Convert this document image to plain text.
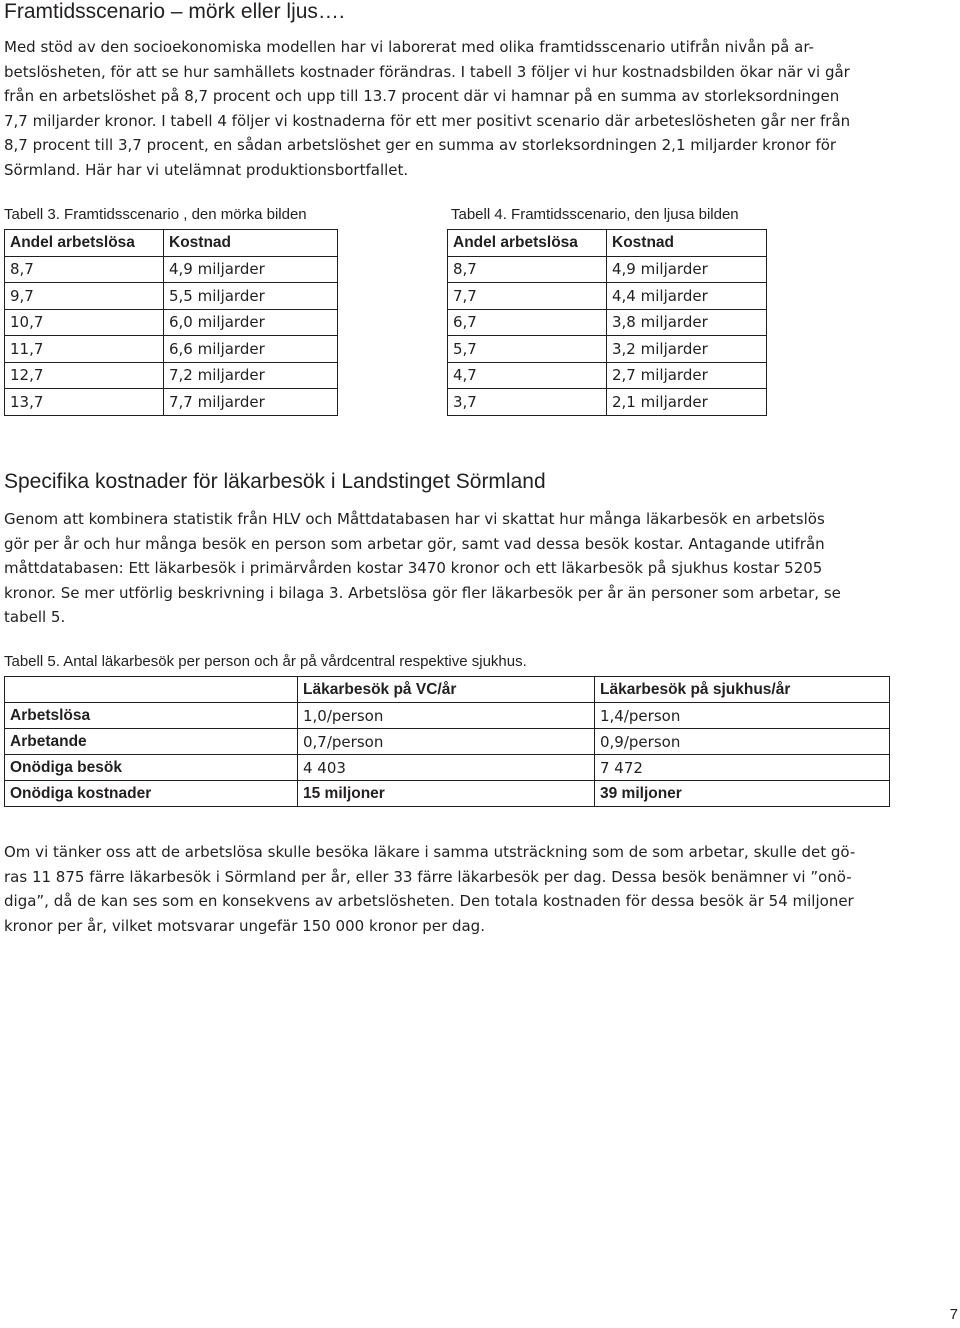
Framtidsscenario – mörk eller ljus….

Med stöd av den socioekonomiska modellen har vi laborerat med olika framtidsscenario utifrån nivån på ar-
betslösheten, för att se hur samhällets kostnader förändras. I tabell 3 följer vi hur kostnadsbilden ökar när vi går
från en arbetslöshet på 8,7 procent och upp till 13.7 procent där vi hamnar på en summa av storleksordningen
7,7 miljarder kronor. I tabell 4 följer vi kostnaderna för ett mer positivt scenario där arbeteslösheten går ner från
8,7 procent till 3,7 procent, en sådan arbetslöshet ger en summa av storleksordningen 2,1 miljarder kronor för
Sörmland. Här har vi utelämnat produktionsbortfallet.

Tabell 3. Framtidsscenario , den mörka bilden

Andel arbetslösa	Kostnad
8,7	4,9 miljarder
9,7	5,5 miljarder
10,7	6,0 miljarder
11,7	6,6 miljarder
12,7	7,2 miljarder
13,7	7,7 miljarder

Tabell 4. Framtidsscenario, den ljusa bilden

Andel arbetslösa	Kostnad
8,7	4,9 miljarder
7,7	4,4 miljarder
6,7	3,8 miljarder
5,7	3,2 miljarder
4,7	2,7 miljarder
3,7	2,1 miljarder
Specifika kostnader för läkarbesök i Landstinget Sörmland

Genom att kombinera statistik från HLV och Måttdatabasen har vi skattat hur många läkarbesök en arbetslös
gör per år och hur många besök en person som arbetar gör, samt vad dessa besök kostar. Antagande utifrån
måttdatabasen: Ett läkarbesök i primärvården kostar 3470 kronor och ett läkarbesök på sjukhus kostar 5205
kronor. Se mer utförlig beskrivning i bilaga 3. Arbetslösa gör fler läkarbesök per år än personer som arbetar, se
tabell 5.

Tabell 5. Antal läkarbesök per person och år på vårdcentral respektive sjukhus.

	Läkarbesök på VC/år	Läkarbesök på sjukhus/år
Arbetslösa	1,0/person	1,4/person
Arbetande	0,7/person	0,9/person
Onödiga besök	4 403	7 472
Onödiga kostnader	15 miljoner	39 miljoner

Om vi tänker oss att de arbetslösa skulle besöka läkare i samma utsträckning som de som arbetar, skulle det gö-
ras 11 875 färre läkarbesök i Sörmland per år, eller 33 färre läkarbesök per dag. Dessa besök benämner vi ”onö-
diga”, då de kan ses som en konsekvens av arbetslösheten. Den totala kostnaden för dessa besök är 54 miljoner
kronor per år, vilket motsvarar ungefär 150 000 kronor per dag.

7
